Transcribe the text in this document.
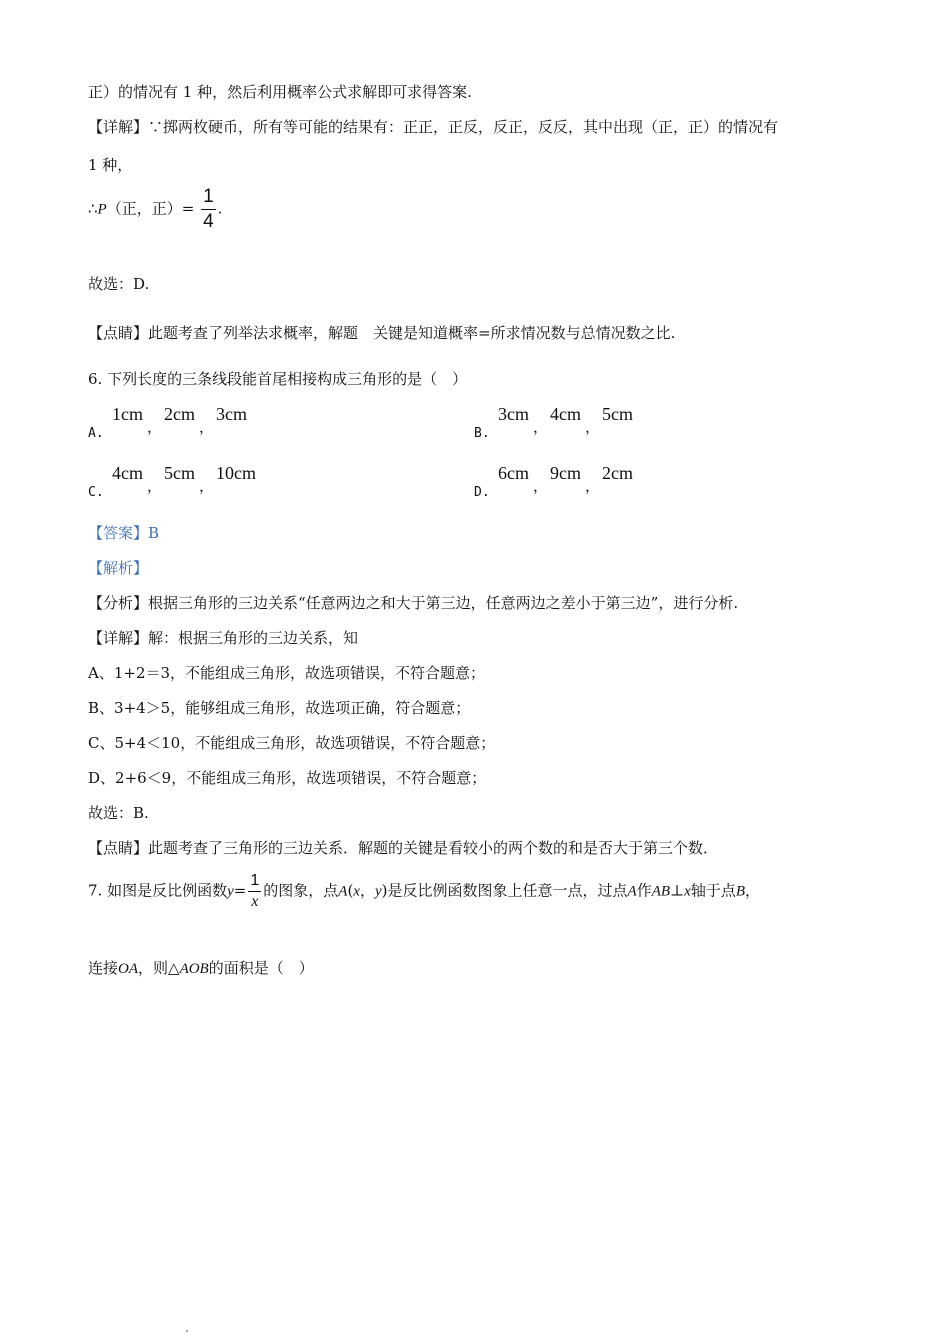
正）的情况有 1 种，然后利用概率公式求解即可求得答案.
【详解】∵掷两枚硬币，所有等可能的结果有：正正，正反，反正，反反，其中出现（正，正）的情况有
1 种，
∴P（正，正）= $\frac{1}{4}$ .
故选：D.
【点睛】此题考查了列举法求概率，解题　关键是知道概率=所求情况数与总情况数之比.
6. 下列长度的三条线段能首尾相接构成三角形的是（　）
A.
$1cm_,2cm_,3cm$
B.
$3cm_,4cm_,5cm$
C.
$4cm_,5cm_,10cm$
D.
$6cm_,9cm_,2cm$
【答案】B
【解析】
【分析】根据三角形的三边关系“任意两边之和大于第三边，任意两边之差小于第三边”，进行分析.
【详解】解：根据三角形的三边关系，知
A、1+2＝3，不能组成三角形，故选项错误，不符合题意；
B、3+4＞5，能够组成三角形，故选项正确，符合题意；
C、5+4＜10，不能组成三角形，故选项错误，不符合题意；
D、2+6＜9，不能组成三角形，故选项错误，不符合题意；
故选：B.
【点睛】此题考查了三角形的三边关系．解题的关键是看较小的两个数的和是否大于第三个数．
7. 如图是反比例函数$y= \frac{1}{x}$ 的图象，点A(x，y)是反比例函数图象上任意一点，过点A作AB⊥x轴于点B，
连接OA，则△AOB的面积是（　）
